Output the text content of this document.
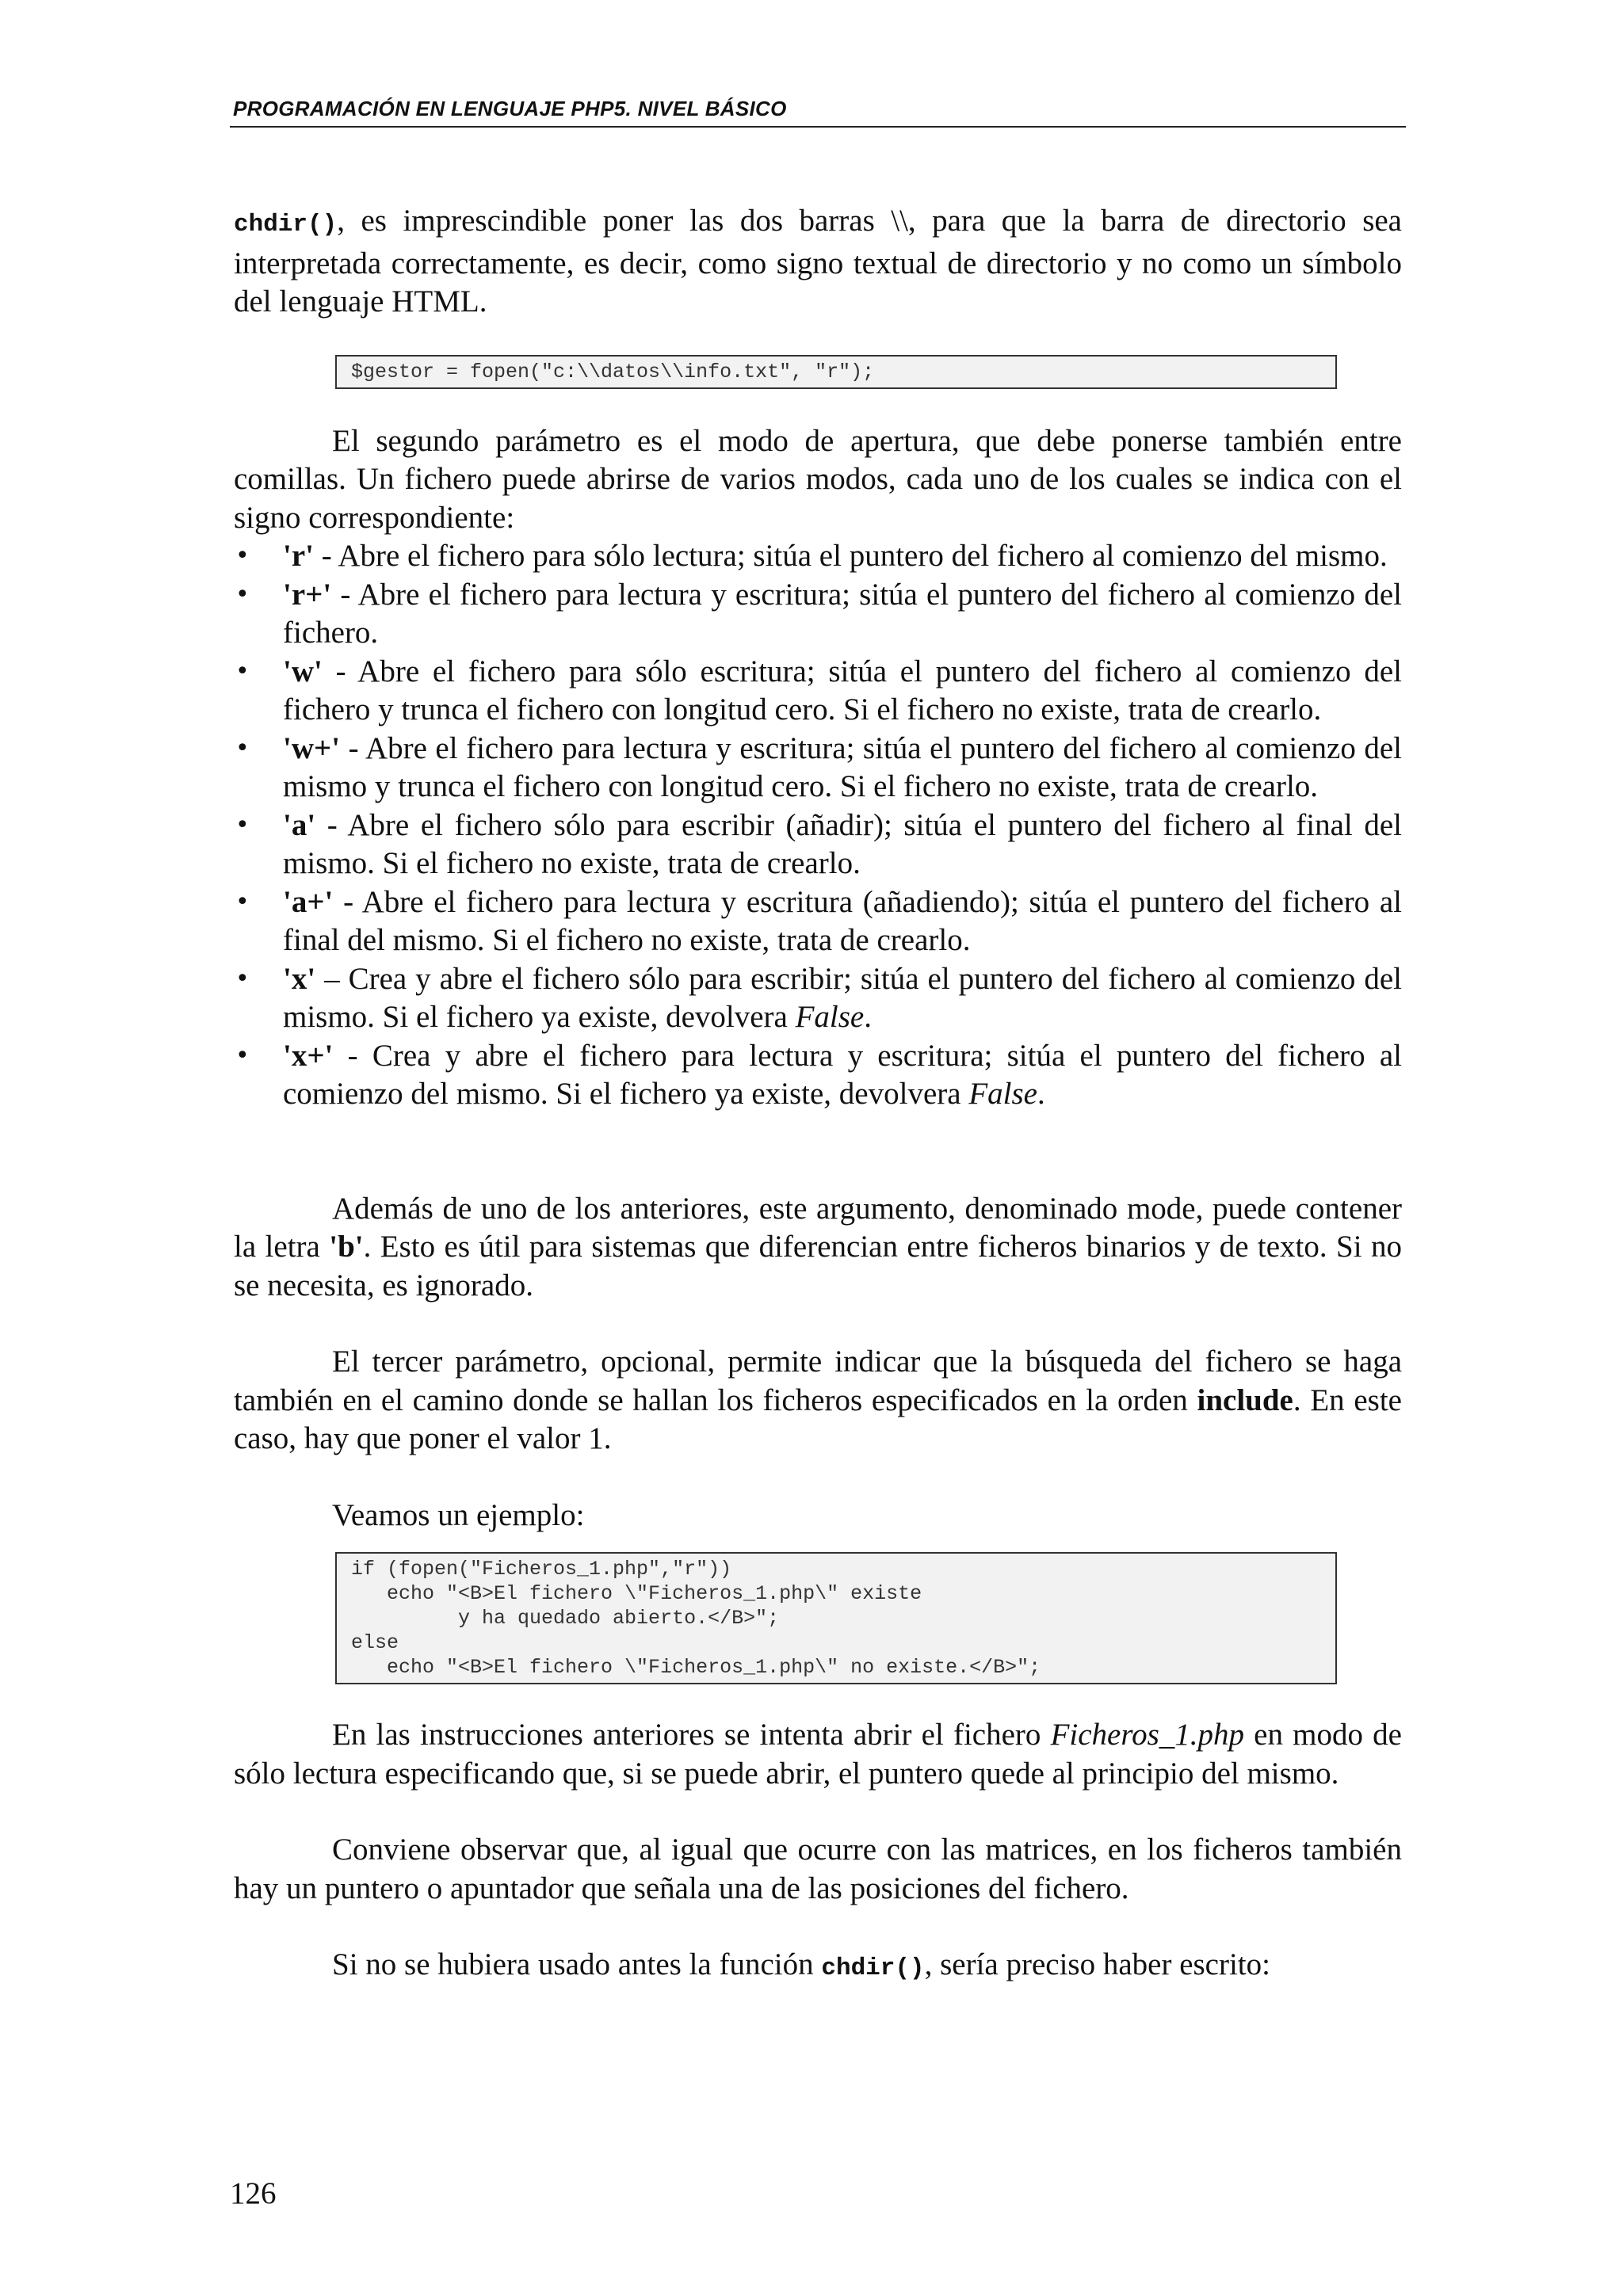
PROGRAMACIÓN EN LENGUAJE PHP5. NIVEL BÁSICO

chdir(), es imprescindible poner las dos barras \\, para que la barra de directorio sea interpretada correctamente, es decir, como signo textual de directorio y no como un símbolo del lenguaje HTML.

$gestor = fopen("c:\\datos\\info.txt", "r");

El segundo parámetro es el modo de apertura, que debe ponerse también entre comillas. Un fichero puede abrirse de varios modos, cada uno de los cuales se indica con el signo correspondiente:

• 'r' - Abre el fichero para sólo lectura; sitúa el puntero del fichero al comienzo del mismo.
• 'r+' - Abre el fichero para lectura y escritura; sitúa el puntero del fichero al comienzo del fichero.
• 'w' - Abre el fichero para sólo escritura; sitúa el puntero del fichero al comienzo del fichero y trunca el fichero con longitud cero. Si el fichero no existe, trata de crearlo.
• 'w+' - Abre el fichero para lectura y escritura; sitúa el puntero del fichero al comienzo del mismo y trunca el fichero con longitud cero. Si el fichero no existe, trata de crearlo.
• 'a' - Abre el fichero sólo para escribir (añadir); sitúa el puntero del fichero al final del mismo. Si el fichero no existe, trata de crearlo.
• 'a+' - Abre el fichero para lectura y escritura (añadiendo); sitúa el puntero del fichero al final del mismo. Si el fichero no existe, trata de crearlo.
• 'x' – Crea y abre el fichero sólo para escribir; sitúa el puntero del fichero al comienzo del mismo. Si el fichero ya existe, devolvera False.
• 'x+' - Crea y abre el fichero para lectura y escritura; sitúa el puntero del fichero al comienzo del mismo. Si el fichero ya existe, devolvera False.

Además de uno de los anteriores, este argumento, denominado mode, puede contener la letra 'b'. Esto es útil para sistemas que diferencian entre ficheros binarios y de texto. Si no se necesita, es ignorado.

El tercer parámetro, opcional, permite indicar que la búsqueda del fichero se haga también en el camino donde se hallan los ficheros especificados en la orden include. En este caso, hay que poner el valor 1.

Veamos un ejemplo:

if (fopen("Ficheros_1.php","r"))
echo "<B>El fichero \"Ficheros_1.php\" existe
y ha quedado abierto.</B>";
else
echo "<B>El fichero \"Ficheros_1.php\" no existe.</B>";

En las instrucciones anteriores se intenta abrir el fichero Ficheros_1.php en modo de sólo lectura especificando que, si se puede abrir, el puntero quede al principio del mismo.

Conviene observar que, al igual que ocurre con las matrices, en los ficheros también hay un puntero o apuntador que señala una de las posiciones del fichero.

Si no se hubiera usado antes la función chdir(), sería preciso haber escrito:

126
